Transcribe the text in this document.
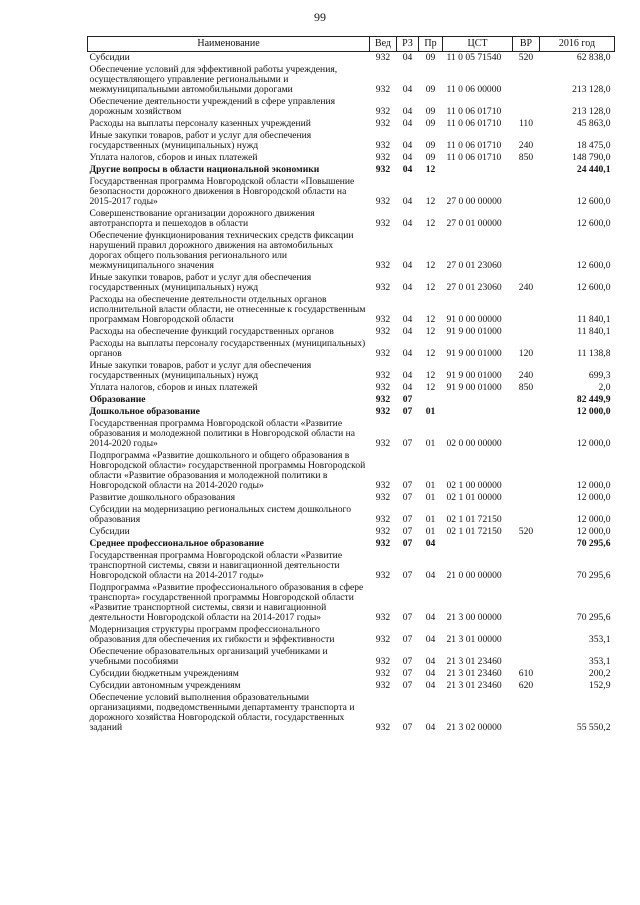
99
Наименование	Вед	РЗ	Пр	ЦСТ	ВР	2016 год
Субсидии	932	04	09	11 0 05 71540	520	62 838,0
Обеспечение условий для эффективной работы учреждения, осуществляющего управление региональными и межмуниципальными автомобильными дорогами	932	04	09	11 0 06 00000		213 128,0
Обеспечение деятельности учреждений в сфере управления дорожным хозяйством	932	04	09	11 0 06 01710		213 128,0
Расходы на выплаты персоналу казенных учреждений	932	04	09	11 0 06 01710	110	45 863,0
Иные закупки товаров, работ и услуг для обеспечения государственных (муниципальных) нужд	932	04	09	11 0 06 01710	240	18 475,0
Уплата налогов, сборов и иных платежей	932	04	09	11 0 06 01710	850	148 790,0
Другие вопросы в области национальной экономики	932	04	12			24 440,1
Государственная программа Новгородской области «Повышение безопасности дорожного движения в Новгородской области на 2015-2017 годы»	932	04	12	27 0 00 00000		12 600,0
Совершенствование организации дорожного движения автотранспорта и пешеходов в области	932	04	12	27 0 01 00000		12 600,0
Обеспечение функционирования технических средств фиксации нарушений правил дорожного движения на автомобильных дорогах общего пользования регионального или межмуниципального значения	932	04	12	27 0 01 23060		12 600,0
Иные закупки товаров, работ и услуг для обеспечения государственных (муниципальных) нужд	932	04	12	27 0 01 23060	240	12 600,0
Расходы на обеспечение деятельности отдельных органов исполнительной власти области, не отнесенные к государственным программам Новгородской области	932	04	12	91 0 00 00000		11 840,1
Расходы на обеспечение функций государственных органов	932	04	12	91 9 00 01000		11 840,1
Расходы на выплаты персоналу государственных (муниципальных) органов	932	04	12	91 9 00 01000	120	11 138,8
Иные закупки товаров, работ и услуг для обеспечения государственных (муниципальных) нужд	932	04	12	91 9 00 01000	240	699,3
Уплата налогов, сборов и иных платежей	932	04	12	91 9 00 01000	850	2,0
Образование	932	07				82 449,9
Дошкольное образование	932	07	01			12 000,0
Государственная программа Новгородской области «Развитие образования и молодежной политики в Новгородской области на 2014-2020 годы»	932	07	01	02 0 00 00000		12 000,0
Подпрограмма «Развитие дошкольного и общего образования в Новгородской области» государственной программы Новгородской области «Развитие образования и молодежной политики в Новгородской области на 2014-2020 годы»	932	07	01	02 1 00 00000		12 000,0
Развитие дошкольного образования	932	07	01	02 1 01 00000		12 000,0
Субсидии на модернизацию региональных систем дошкольного образования	932	07	01	02 1 01 72150		12 000,0
Субсидии	932	07	01	02 1 01 72150	520	12 000,0
Среднее профессиональное образование	932	07	04			70 295,6
Государственная программа Новгородской области «Развитие транспортной системы, связи и навигационной деятельности Новгородской области на 2014-2017 годы»	932	07	04	21 0 00 00000		70 295,6
Подпрограмма «Развитие профессионального образования в сфере транспорта» государственной программы Новгородской области «Развитие транспортной системы, связи и навигационной деятельности Новгородской области на 2014-2017 годы»	932	07	04	21 3 00 00000		70 295,6
Модернизация структуры программ профессионального образования для обеспечения их гибкости и эффективности	932	07	04	21 3 01 00000		353,1
Обеспечение образовательных организаций учебниками и учебными пособиями	932	07	04	21 3 01 23460		353,1
Субсидии бюджетным учреждениям	932	07	04	21 3 01 23460	610	200,2
Субсидии автономным учреждениям	932	07	04	21 3 01 23460	620	152,9
Обеспечение условий выполнения образовательными организациями, подведомственными департаменту транспорта и дорожного хозяйства Новгородской области, государственных заданий	932	07	04	21 3 02 00000		55 550,2
